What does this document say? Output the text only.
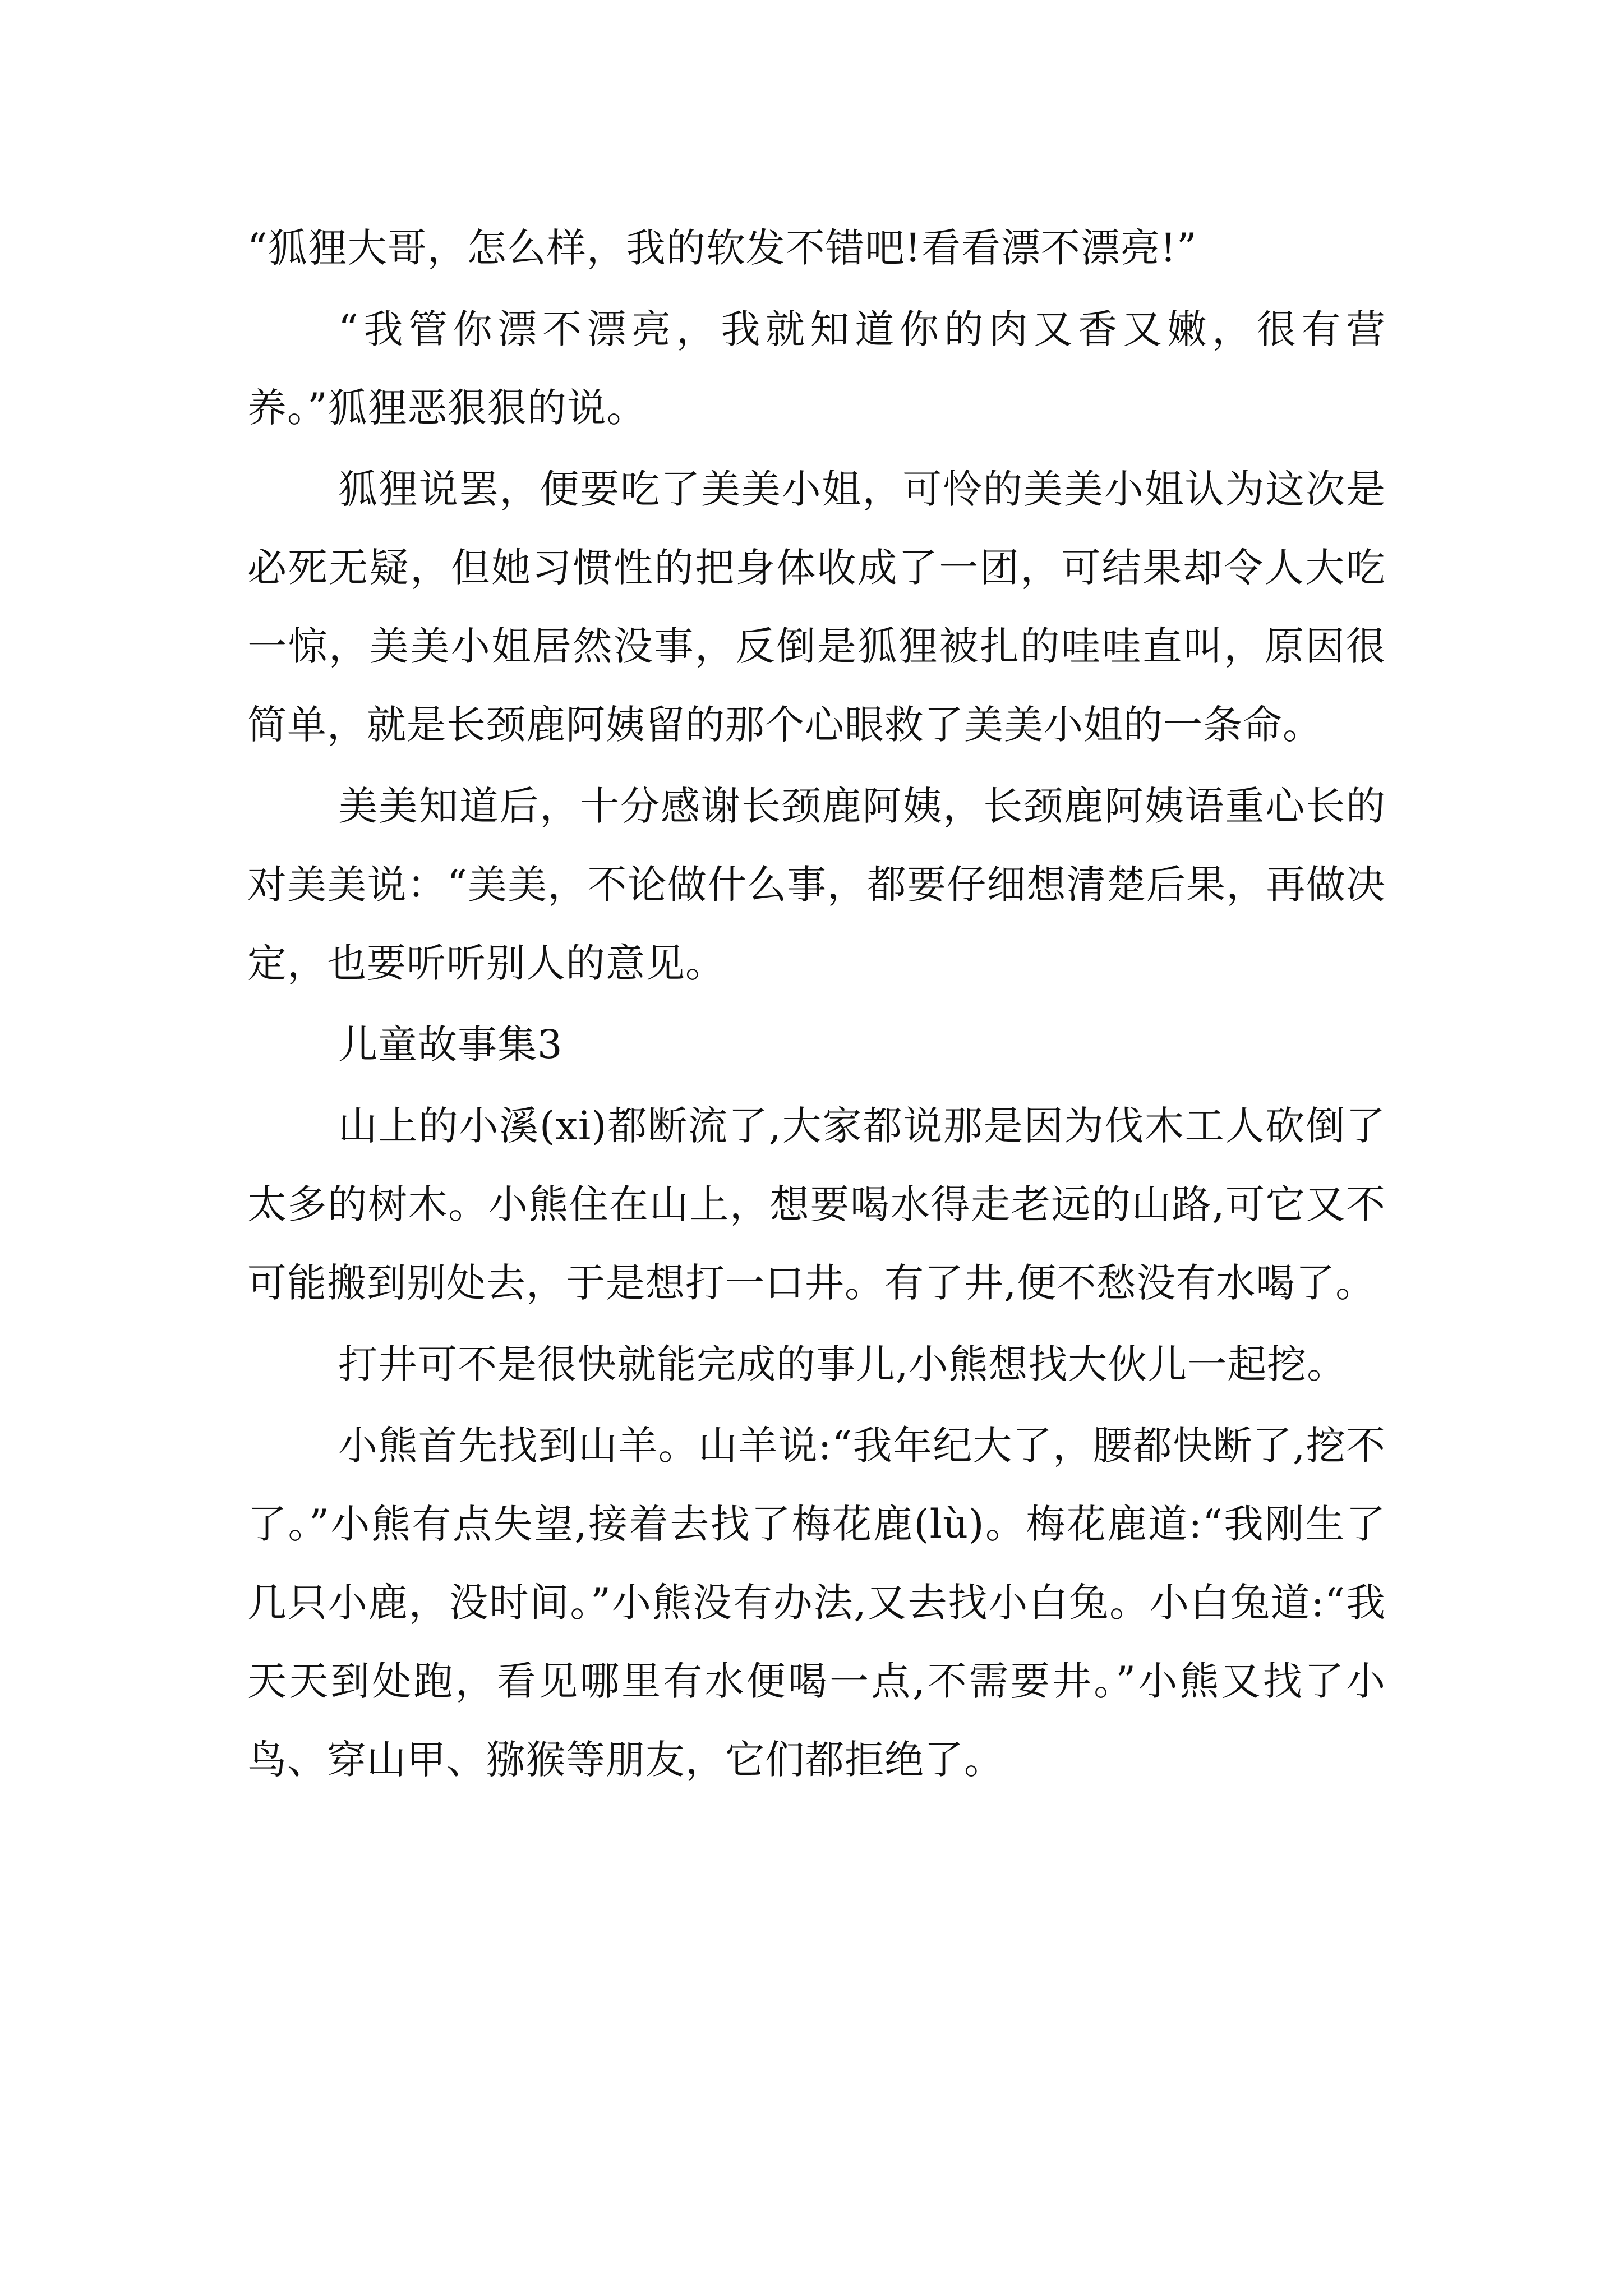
“狐狸大哥，怎么样，我的软发不错吧!看看漂不漂亮!”

“我管你漂不漂亮，我就知道你的肉又香又嫩，很有营养。”狐狸恶狠狠的说。

狐狸说罢，便要吃了美美小姐，可怜的美美小姐认为这次是必死无疑，但她习惯性的把身体收成了一团，可结果却令人大吃一惊，美美小姐居然没事，反倒是狐狸被扎的哇哇直叫，原因很简单，就是长颈鹿阿姨留的那个心眼救了美美小姐的一条命。

美美知道后，十分感谢长颈鹿阿姨，长颈鹿阿姨语重心长的对美美说：“美美，不论做什么事，都要仔细想清楚后果，再做决定，也要听听别人的意见。

儿童故事集3

山上的小溪(xi)都断流了,大家都说那是因为伐木工人砍倒了太多的树木。小熊住在山上，想要喝水得走老远的山路,可它又不可能搬到别处去，于是想打一口井。有了井,便不愁没有水喝了。

打井可不是很快就能完成的事儿,小熊想找大伙儿一起挖。

小熊首先找到山羊。山羊说:“我年纪大了，腰都快断了,挖不了。”小熊有点失望,接着去找了梅花鹿(lù)。梅花鹿道:“我刚生了几只小鹿，没时间。”小熊没有办法,又去找小白兔。小白兔道:“我天天到处跑，看见哪里有水便喝一点,不需要井。”小熊又找了小鸟、穿山甲、猕猴等朋友，它们都拒绝了。
